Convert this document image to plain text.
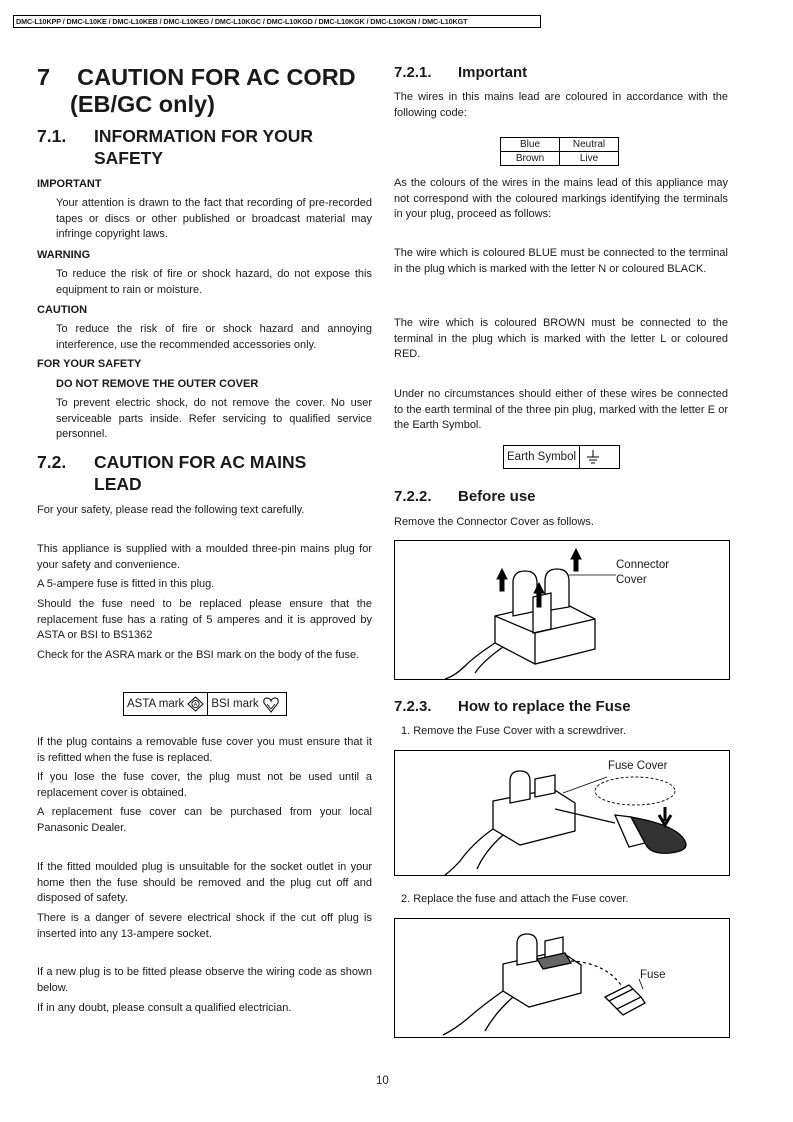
DMC-L10KPP / DMC-L10KE / DMC-L10KEB / DMC-L10KEG / DMC-L10KGC / DMC-L10KGD / DMC-L10KGK / DMC-L10KGN / DMC-L10KGT
7 CAUTION FOR AC CORD
(EB/GC only)
7.1. INFORMATION FOR YOUR
SAFETY
IMPORTANT
Your attention is drawn to the fact that recording of pre-recorded tapes or discs or other published or broadcast material may infringe copyright laws.
WARNING
To reduce the risk of fire or shock hazard, do not expose this equipment to rain or moisture.
CAUTION
To reduce the risk of fire or shock hazard and annoying interference, use the recommended accessories only.
FOR YOUR SAFETY
DO NOT REMOVE THE OUTER COVER
To prevent electric shock, do not remove the cover. No user serviceable parts inside. Refer servicing to qualified service personnel.
7.2. CAUTION FOR AC MAINS
LEAD
For your safety, please read the following text carefully.
This appliance is supplied with a moulded three-pin mains plug for your safety and convenience.
A 5-ampere fuse is fitted in this plug.
Should the fuse need to be replaced please ensure that the replacement fuse has a rating of 5 amperes and it is approved by ASTA or BSI to BS1362
Check for the ASRA mark or the BSI mark on the body of the fuse.
ASTA mark A BSI mark
If the plug contains a removable fuse cover you must ensure that it is refitted when the fuse is replaced.
If you lose the fuse cover, the plug must not be used until a replacement cover is obtained.
A replacement fuse cover can be purchased from your local Panasonic Dealer.
If the fitted moulded plug is unsuitable for the socket outlet in your home then the fuse should be removed and the plug cut off and disposed of safety.
There is a danger of severe electrical shock if the cut off plug is inserted into any 13-ampere socket.
If a new plug is to be fitted please observe the wiring code as shown below.
If in any doubt, please consult a qualified electrician.
7.2.1. Important
The wires in this mains lead are coloured in accordance with the following code:
Blue	Neutral
Brown	Live
As the colours of the wires in the mains lead of this appliance may not correspond with the coloured markings identifying the terminals in your plug, proceed as follows:
The wire which is coloured BLUE must be connected to the terminal in the plug which is marked with the letter N or coloured BLACK.
The wire which is coloured BROWN must be connected to the terminal in the plug which is marked with the letter L or coloured RED.
Under no circumstances should either of these wires be connected to the earth terminal of the three pin plug, marked with the letter E or the Earth Symbol.
Earth Symbol
7.2.2. Before use
Remove the Connector Cover as follows.
Connector
Cover
7.2.3. How to replace the Fuse
1. Remove the Fuse Cover with a screwdriver.
Fuse Cover
2. Replace the fuse and attach the Fuse cover.
Fuse
10
